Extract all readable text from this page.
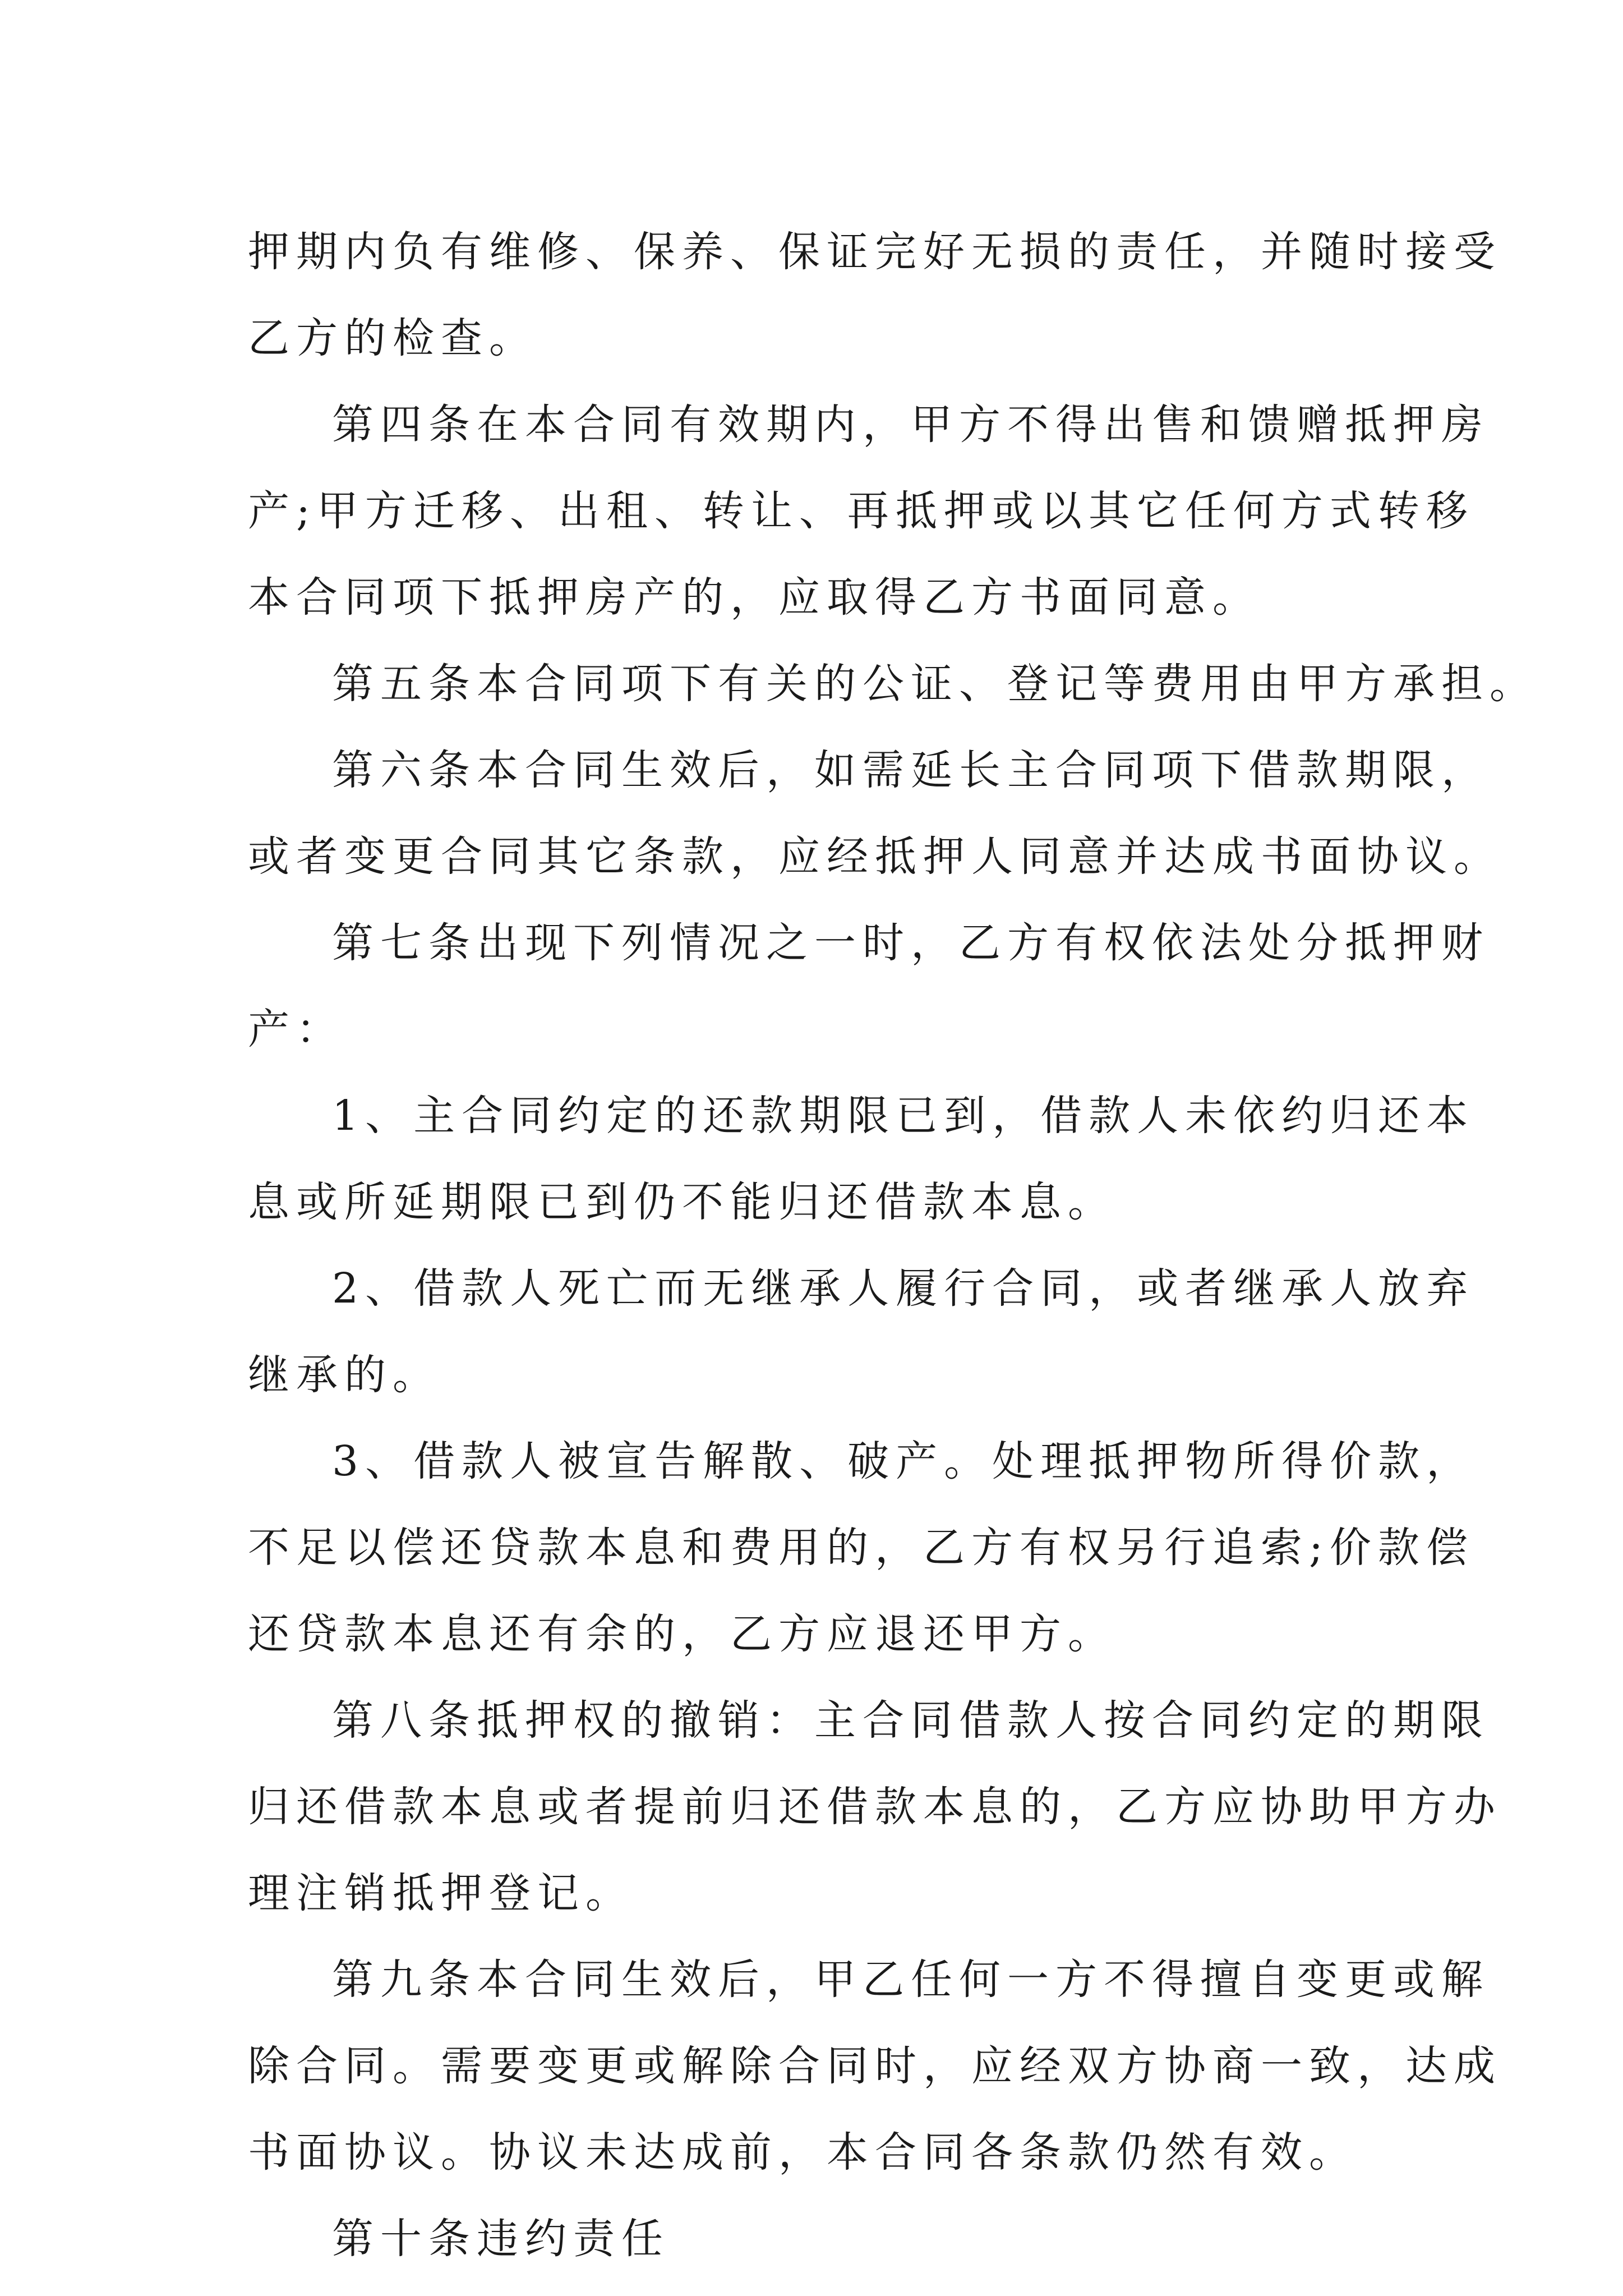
押期内负有维修、保养、保证完好无损的责任，并随时接受
乙方的检查。
第四条在本合同有效期内，甲方不得出售和馈赠抵押房
产;甲方迁移、出租、转让、再抵押或以其它任何方式转移
本合同项下抵押房产的，应取得乙方书面同意。
第五条本合同项下有关的公证、登记等费用由甲方承担。
第六条本合同生效后，如需延长主合同项下借款期限，
或者变更合同其它条款，应经抵押人同意并达成书面协议。
第七条出现下列情况之一时，乙方有权依法处分抵押财
产：
1、主合同约定的还款期限已到，借款人未依约归还本
息或所延期限已到仍不能归还借款本息。
2、借款人死亡而无继承人履行合同，或者继承人放弃
继承的。
3、借款人被宣告解散、破产。处理抵押物所得价款，
不足以偿还贷款本息和费用的，乙方有权另行追索;价款偿
还贷款本息还有余的，乙方应退还甲方。
第八条抵押权的撤销：主合同借款人按合同约定的期限
归还借款本息或者提前归还借款本息的，乙方应协助甲方办
理注销抵押登记。
第九条本合同生效后，甲乙任何一方不得擅自变更或解
除合同。需要变更或解除合同时，应经双方协商一致，达成
书面协议。协议未达成前，本合同各条款仍然有效。
第十条违约责任
